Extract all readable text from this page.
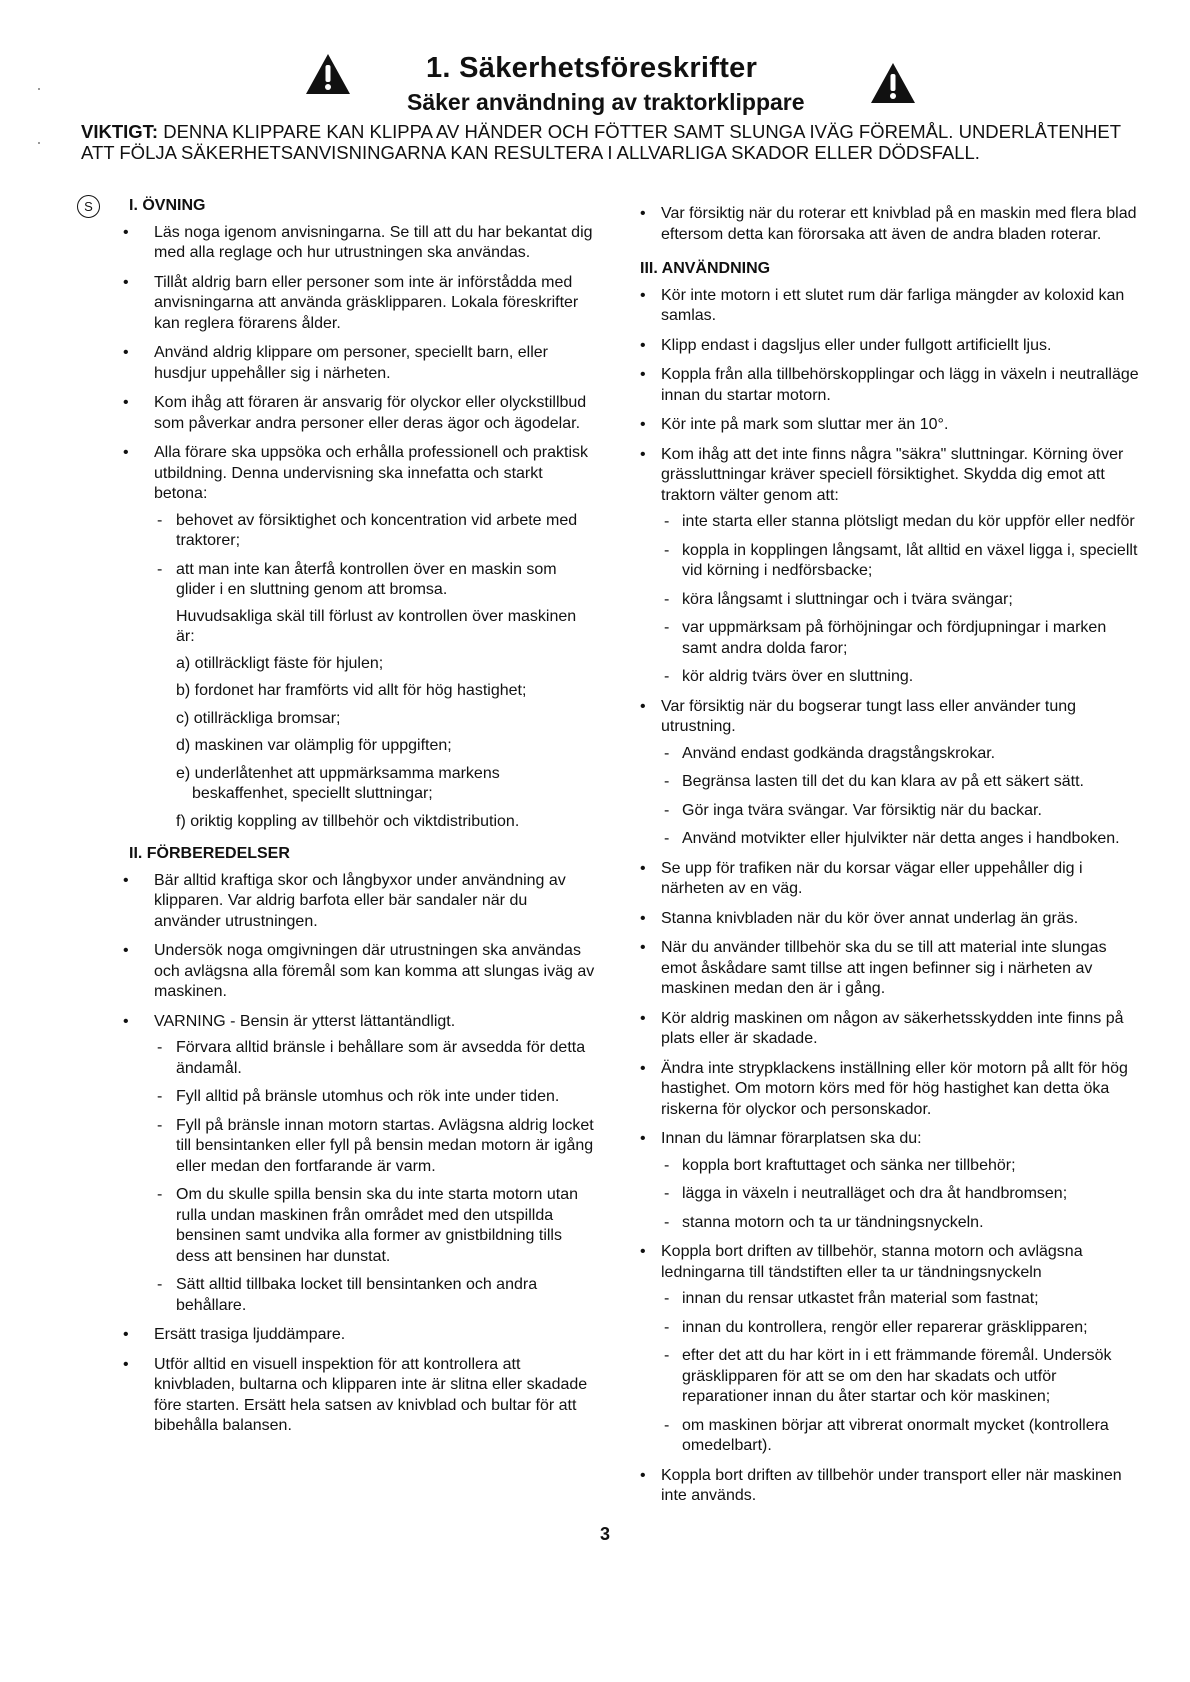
1. Säkerhetsföreskrifter
Säker användning av traktorklippare
VIKTIGT: DENNA KLIPPARE KAN KLIPPA AV HÄNDER OCH FÖTTER SAMT SLUNGA IVÄG FÖREMÅL. UNDERLÅTENHET ATT FÖLJA SÄKERHETSANVISNINGARNA KAN RESULTERA I ALLVARLIGA SKADOR ELLER DÖDSFALL.
S	I. ÖVNING
• Läs noga igenom anvisningarna. Se till att du har bekantat dig med alla reglage och hur utrustningen ska användas.
• Tillåt aldrig barn eller personer som inte är införstådda med anvisningarna att använda gräsklipparen. Lokala föreskrifter kan reglera förarens ålder.
• Använd aldrig klippare om personer, speciellt barn, eller husdjur uppehåller sig i närheten.
• Kom ihåg att föraren är ansvarig för olyckor eller olyckstillbud som påverkar andra personer eller deras ägor och ägodelar.
• Alla förare ska uppsöka och erhålla professionell och praktisk utbildning. Denna undervisning ska innefatta och starkt betona:
- behovet av försiktighet och koncentration vid arbete med traktorer;
- att man inte kan återfå kontrollen över en maskin som glider i en sluttning genom att bromsa.
Huvudsakliga skäl till förlust av kontrollen över maskinen är:
a) otillräckligt fäste för hjulen;
b) fordonet har framförts vid allt för hög hastighet;
c) otillräckliga bromsar;
d) maskinen var olämplig för uppgiften;
e) underlåtenhet att uppmärksamma markens beskaffenhet, speciellt sluttningar;
f) oriktig koppling av tillbehör och viktdistribution.
II. FÖRBEREDELSER
• Bär alltid kraftiga skor och långbyxor under användning av klipparen. Var aldrig barfota eller bär sandaler när du använder utrustningen.
• Undersök noga omgivningen där utrustningen ska användas och avlägsna alla föremål som kan komma att slungas iväg av maskinen.
• VARNING - Bensin är ytterst lättantändligt.
- Förvara alltid bränsle i behållare som är avsedda för detta ändamål.
- Fyll alltid på bränsle utomhus och rök inte under tiden.
- Fyll på bränsle innan motorn startas. Avlägsna aldrig locket till bensintanken eller fyll på bensin medan motorn är igång eller medan den fortfarande är varm.
- Om du skulle spilla bensin ska du inte starta motorn utan rulla undan maskinen från området med den utspillda bensinen samt undvika alla former av gnistbildning tills dess att bensinen har dunstat.
- Sätt alltid tillbaka locket till bensintanken och andra behållare.
• Ersätt trasiga ljuddämpare.
• Utför alltid en visuell inspektion för att kontrollera att knivbladen, bultarna och klipparen inte är slitna eller skadade före starten. Ersätt hela satsen av knivblad och bultar för att bibehålla balansen.
• Var försiktig när du roterar ett knivblad på en maskin med flera blad eftersom detta kan förorsaka att även de andra bladen roterar.
III. ANVÄNDNING
• Kör inte motorn i ett slutet rum där farliga mängder av koloxid kan samlas.
• Klipp endast i dagsljus eller under fullgott artificiellt ljus.
• Koppla från alla tillbehörskopplingar och lägg in växeln i neutralläge innan du startar motorn.
• Kör inte på mark som sluttar mer än 10°.
• Kom ihåg att det inte finns några "säkra" sluttningar. Körning över grässluttningar kräver speciell försiktighet. Skydda dig emot att traktorn välter genom att:
- inte starta eller stanna plötsligt medan du kör uppför eller nedför
- koppla in kopplingen långsamt, låt alltid en växel ligga i, speciellt vid körning i nedförsbacke;
- köra långsamt i sluttningar och i tvära svängar;
- var uppmärksam på förhöjningar och fördjupningar i marken samt andra dolda faror;
- kör aldrig tvärs över en sluttning.
• Var försiktig när du bogserar tungt lass eller använder tung utrustning.
- Använd endast godkända dragstångskrokar.
- Begränsa lasten till det du kan klara av på ett säkert sätt.
- Gör inga tvära svängar. Var försiktig när du backar.
- Använd motvikter eller hjulvikter när detta anges i handboken.
• Se upp för trafiken när du korsar vägar eller uppehåller dig i närheten av en väg.
• Stanna knivbladen när du kör över annat underlag än gräs.
• När du använder tillbehör ska du se till att material inte slungas emot åskådare samt tillse att ingen befinner sig i närheten av maskinen medan den är i gång.
• Kör aldrig maskinen om någon av säkerhetsskydden inte finns på plats eller är skadade.
• Ändra inte strypklackens inställning eller kör motorn på allt för hög hastighet. Om motorn körs med för hög hastighet kan detta öka riskerna för olyckor och personskador.
• Innan du lämnar förarplatsen ska du:
- koppla bort kraftuttaget och sänka ner tillbehör;
- lägga in växeln i neutralläget och dra åt handbromsen;
- stanna motorn och ta ur tändningsnyckeln.
• Koppla bort driften av tillbehör, stanna motorn och avlägsna ledningarna till tändstiften eller ta ur tändningsnyckeln
- innan du rensar utkastet från material som fastnat;
- innan du kontrollera, rengör eller reparerar gräsklipparen;
- efter det att du har kört in i ett främmande föremål. Undersök gräsklipparen för att se om den har skadats och utför reparationer innan du åter startar och kör maskinen;
- om maskinen börjar att vibrerat onormalt mycket (kontrollera omedelbart).
• Koppla bort driften av tillbehör under transport eller när maskinen inte används.
3
